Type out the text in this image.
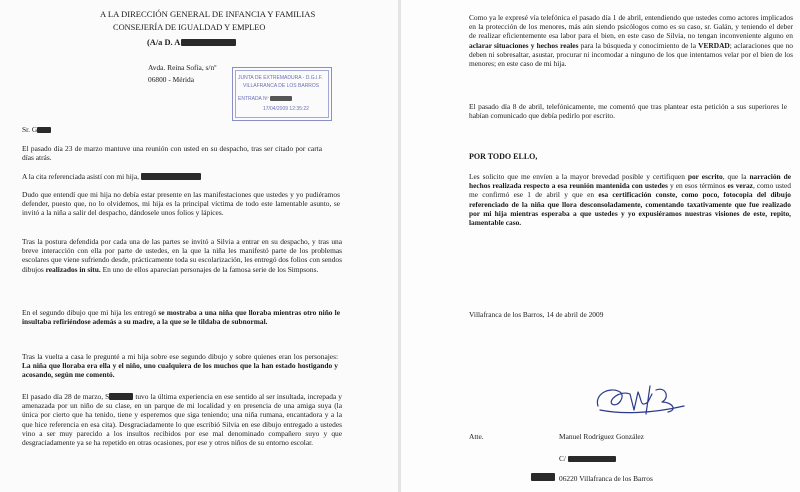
A LA DIRECCIÓN GENERAL DE INFANCIA Y FAMILIAS
CONSEJERÍA DE IGUALDAD Y EMPLEO
(A/a D. A
Avda. Reina Sofía, s/nº
06800 - Mérida	JUNTA DE EXTREMADURA - D.G.I.F.
VILLAFRANCA DE LOS BARROS
ENTRADA Nº
17/04/2009 12:35:22
Sr. G
El pasado día 23 de marzo mantuve una reunión con usted en su despacho, tras ser citado por carta días atrás.
A la cita referenciada asistí con mi hija,
Dudo que entendí que mi hija no debía estar presente en las manifestaciones que ustedes y yo pudiéramos defender, puesto que, no lo olvidemos, mi hija es la principal víctima de todo este lamentable asunto, se invitó a la niña a salir del despacho, dándosele unos folios y lápices.
Tras la postura defendida por cada una de las partes se invitó a Silvia a entrar en su despacho, y tras una breve interacción con ella por parte de ustedes, en la que la niña les manifestó parte de los problemas escolares que viene sufriendo desde, prácticamente toda su escolarización, les entregó dos folios con sendos dibujos realizados in situ. En uno de ellos aparecían personajes de la famosa serie de los Simpsons.
En el segundo dibujo que mi hija les entregó se mostraba a una niña que lloraba mientras otro niño le insultaba refiriéndose además a su madre, a la que se le tildaba de subnormal.
Tras la vuelta a casa le pregunté a mi hija sobre ese segundo dibujo y sobre quienes eran los personajes: La niña que lloraba era ella y el niño, uno cualquiera de los muchos que la han estado hostigando y acosando, según me comentó.
El pasado día 28 de marzo, S	tuvo la última experiencia en ese sentido al ser insultada, increpada y amenazada por un niño de su clase, en un parque de mi localidad y en presencia de una amiga suya (la única por cierto que ha tenido, tiene y esperemos que siga teniendo; una niña rumana, encantadora y a la que hice referencia en esa cita). Desgraciadamente lo que escribió Silvia en ese dibujo entregado a ustedes vino a ser muy parecido a los insultos recibidos por ese mal denominado compañero suyo y que desgraciadamente ya se ha repetido en otras ocasiones, por ese y otros niños de su entorno escolar.
Como ya le expresé vía telefónica el pasado día 1 de abril, entendiendo que ustedes como actores implicados en la protección de los menores, más aún siendo psicólogos como es su caso, sr. Galán, y teniendo el deber de realizar eficientemente esa labor para el bien, en este caso de Silvia, no tengan inconveniente alguno en aclarar situaciones y hechos reales para la búsqueda y conocimiento de la VERDAD; aclaraciones que no deben ni sobresaltar, asustar, procurar ni incomodar a ninguno de los que intentamos velar por el bien de los menores; en este caso de mi hija.
El pasado día 8 de abril, telefónicamente, me comentó que tras plantear esta petición a sus superiores le habían comunicado que debía pedirlo por escrito.
POR TODO ELLO,
Les solicito que me envíen a la mayor brevedad posible y certifiquen por escrito, que la narración de hechos realizada respecto a esa reunión mantenida con ustedes y en esos términos es veraz, como usted me confirmó ese 1 de abril y que en esa certificación conste, como poco, fotocopia del dibujo referenciado de la niña que llora desconsoladamente, comentando taxativamente que fue realizado por mi hija mientras esperaba a que ustedes y yo expusiéramos nuestras visiones de este, repito, lamentable caso.
Villafranca de los Barros, 14 de abril de 2009
Atte.	Manuel Rodríguez González
C/
06220 Villafranca de los Barros
